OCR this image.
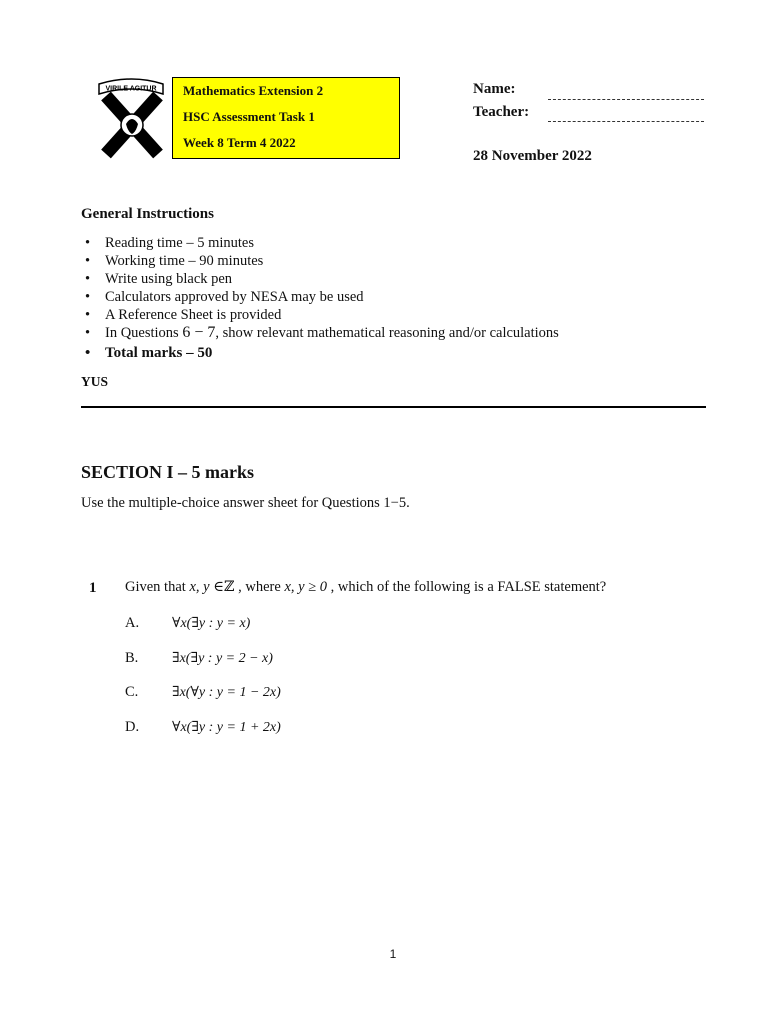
VIRILE AGITUR Mathematics Extension 2
HSC Assessment Task 1
Week 8 Term 4 2022
Name:
Teacher:
28 November 2022
General Instructions
• Reading time – 5 minutes
• Working time – 90 minutes
• Write using black pen
• Calculators approved by NESA may be used
• A Reference Sheet is provided
• In Questions 6 − 7, show relevant mathematical reasoning and/or calculations
• Total marks – 50
YUS
SECTION I – 5 marks
Use the multiple-choice answer sheet for Questions 1−5.
1 Given that x, y ∈ℤ , where x, y ≥ 0 , which of the following is a FALSE statement?
A. ∀x(∃y : y = x)
B. ∃x(∃y : y = 2 − x)
C. ∃x(∀y : y = 1 − 2x)
D. ∀x(∃y : y = 1 + 2x)
1
